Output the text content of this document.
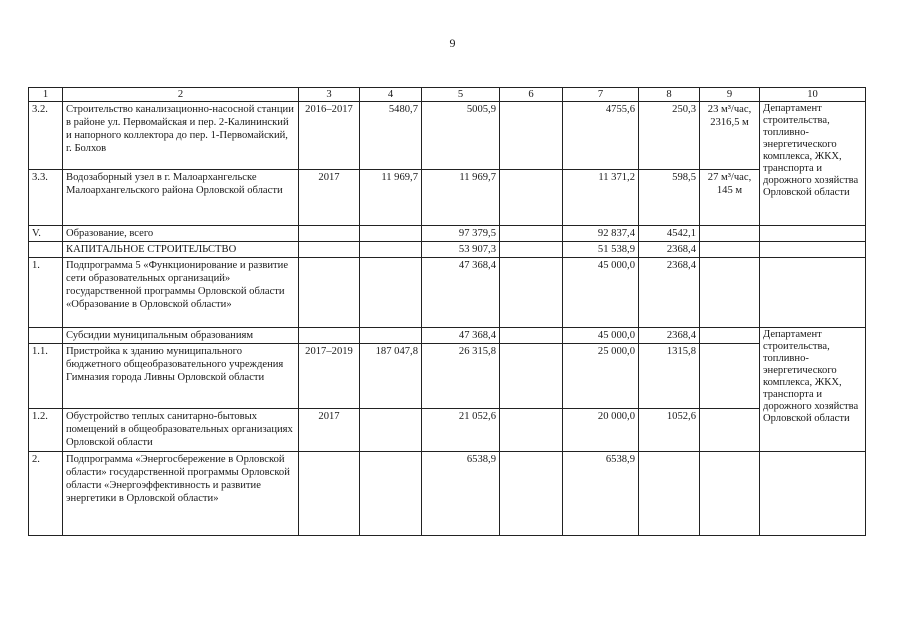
9
1	2	3	4	5	6	7	8	9	10
3.2.	Строительство канализационно-насосной станции в районе ул. Первомайская и пер. 2-Калининский и напорного коллектора до пер. 1-Первомайский, г. Болхов	2016–2017	5480,7	5005,9		4755,6	250,3	23 м³/час, 2316,5 м	Департамент строительства, топливно-энергетического комплекса, ЖКХ, транспорта и дорожного хозяйства Орловской области
3.3.	Водозаборный узел в г. Малоархангельске Малоархангельского района Орловской области	2017	11 969,7	11 969,7		11 371,2	598,5	27 м³/час, 145 м	
V.	Образование, всего			97 379,5		92 837,4	4542,1		
	КАПИТАЛЬНОЕ СТРОИТЕЛЬСТВО			53 907,3		51 538,9	2368,4		
1.	Подпрограмма 5 «Функционирование и развитие сети образовательных организаций» государственной программы Орловской области «Образование в Орловской области»			47 368,4		45 000,0	2368,4		
	Субсидии муниципальным образованиям			47 368,4		45 000,0	2368,4		Департамент строительства, топливно-энергетического комплекса, ЖКХ, транспорта и дорожного хозяйства Орловской области
1.1.	Пристройка к зданию муниципального бюджетного общеобразовательного учреждения Гимназия города Ливны Орловской области	2017–2019	187 047,8	26 315,8		25 000,0	1315,8		
1.2.	Обустройство теплых санитарно-бытовых помещений в общеобразовательных организациях Орловской области	2017		21 052,6		20 000,0	1052,6		
2.	Подпрограмма «Энергосбережение в Орловской области» государственной программы Орловской области «Энергоэффективность и развитие энергетики в Орловской области»			6538,9		6538,9			
